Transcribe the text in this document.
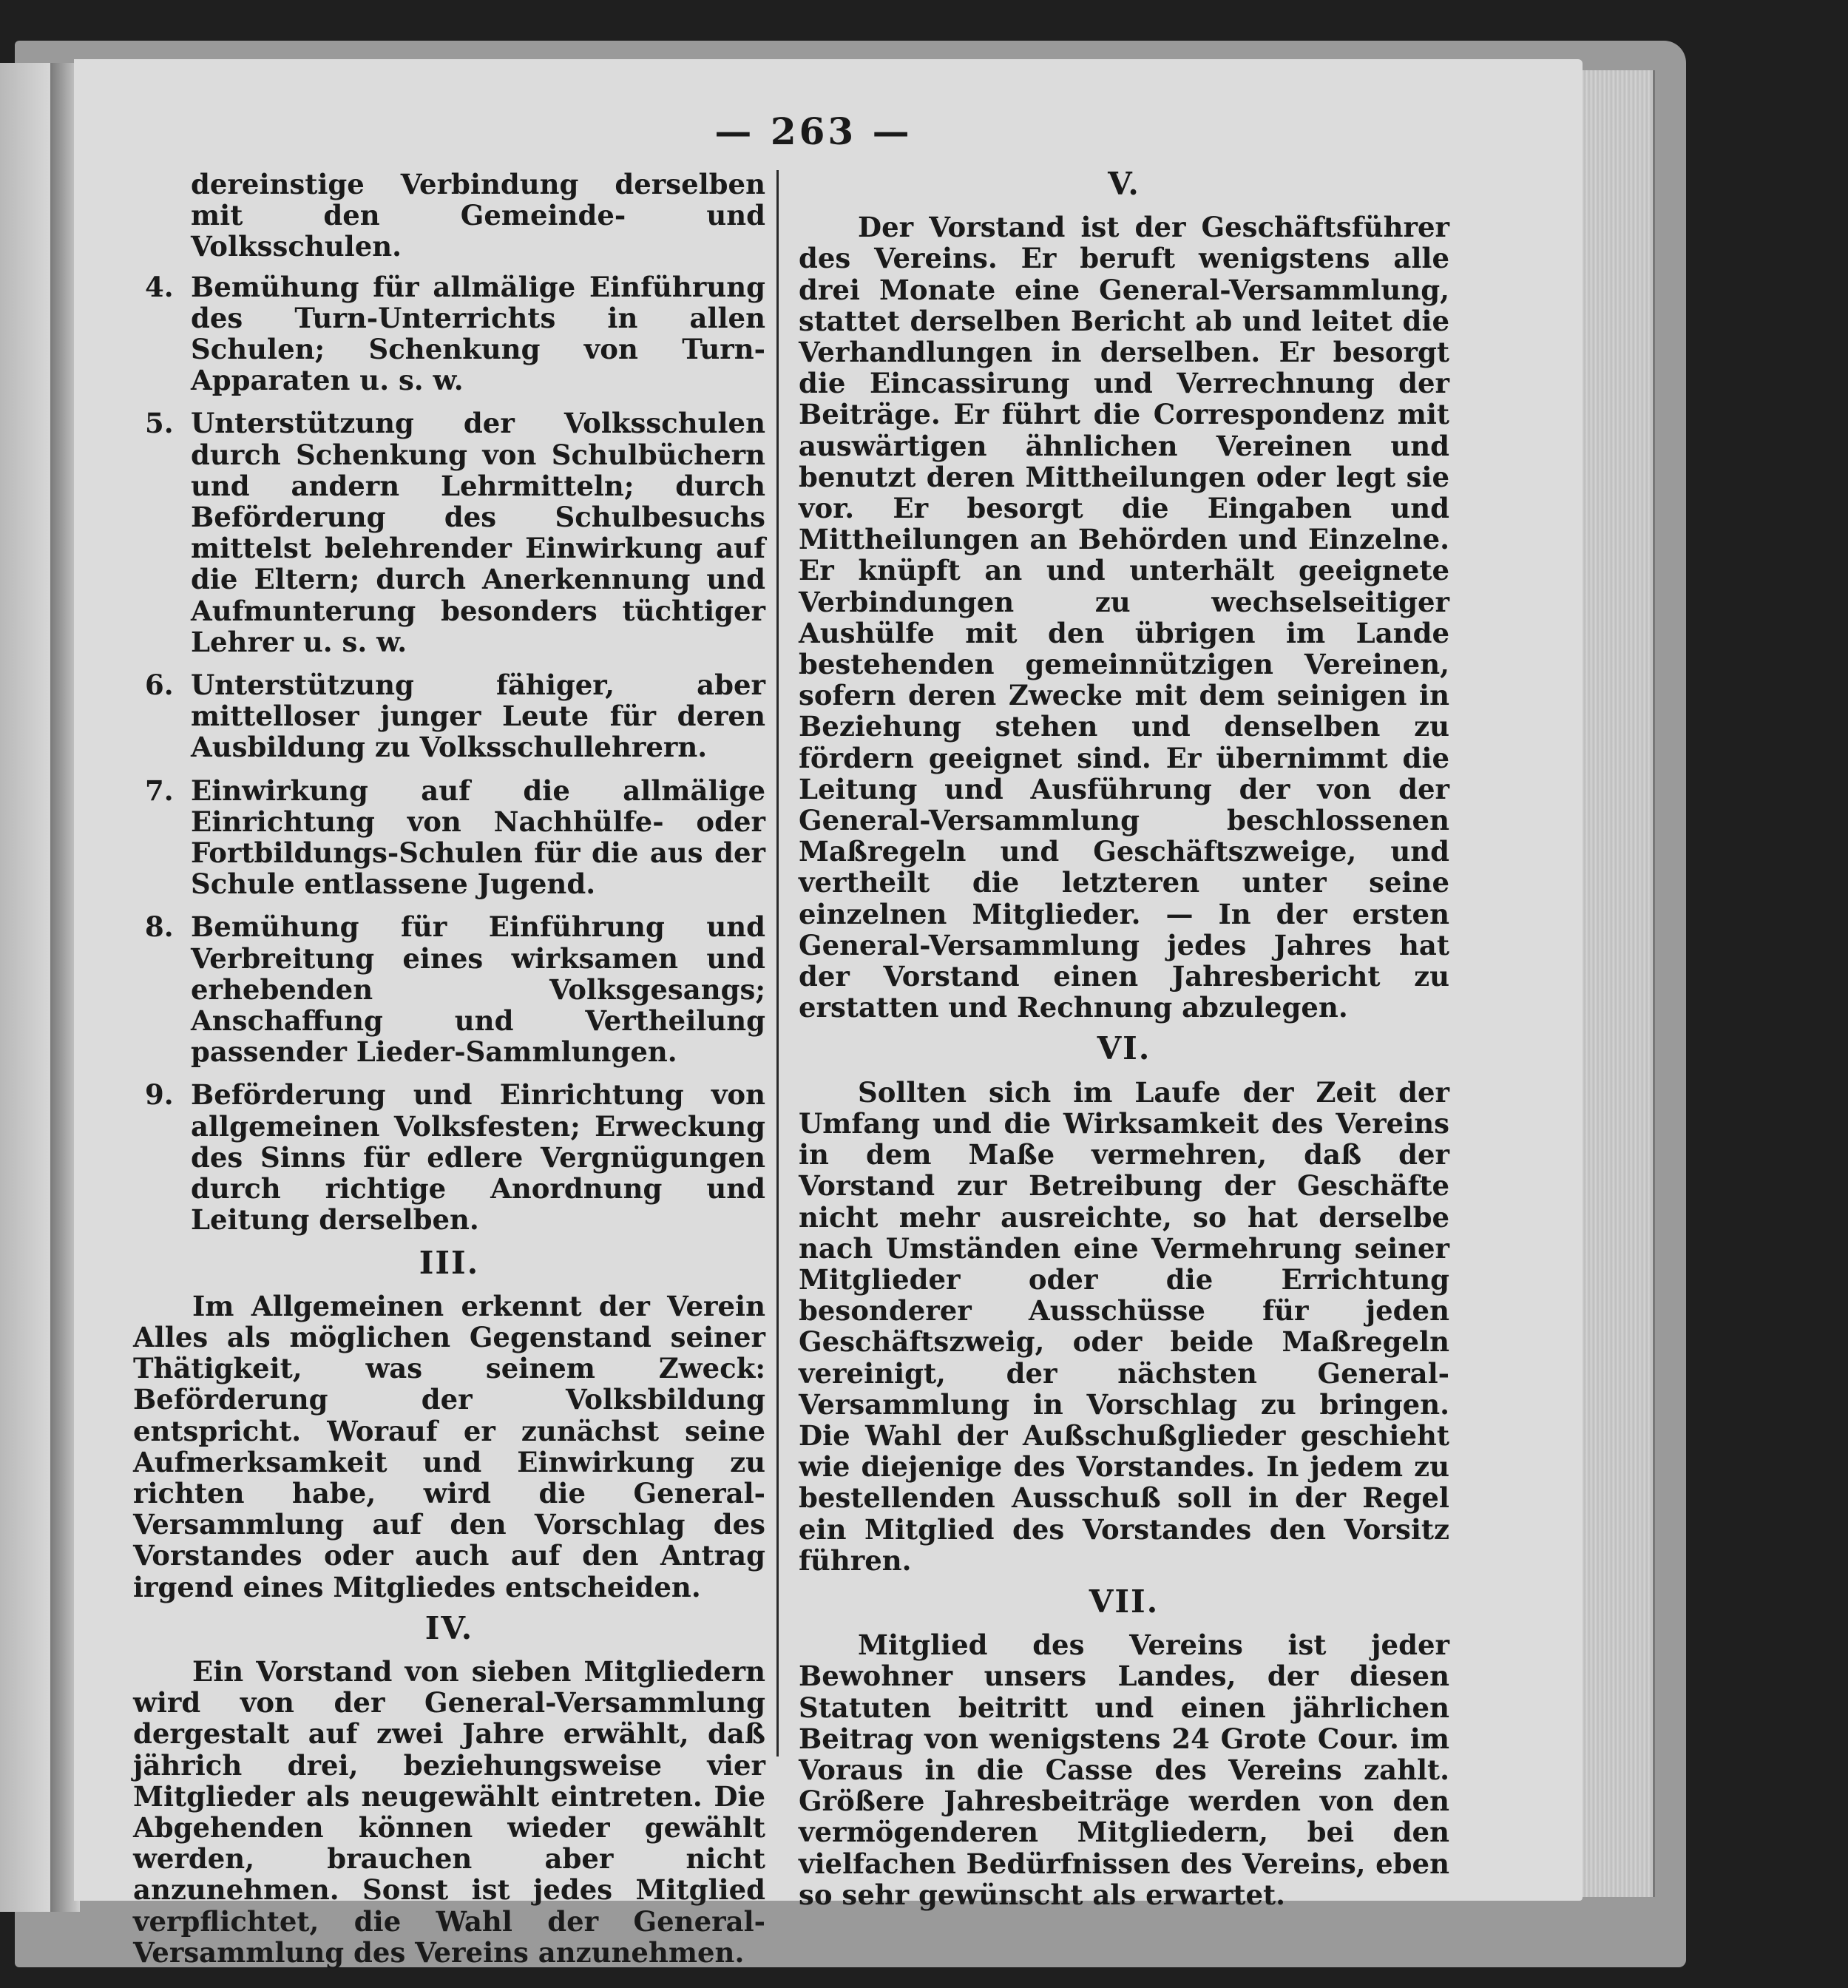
— 263 —
dereinstige Verbindung derselben mit den Gemeinde- und Volksschulen.
4. Bemühung für allmälige Einführung des Turn-Unterrichts in allen Schulen; Schenkung von Turn-Apparaten u. s. w.
5. Unterstützung der Volksschulen durch Schenkung von Schulbüchern und andern Lehrmitteln; durch Beförderung des Schulbesuchs mittelst belehrender Einwirkung auf die Eltern; durch Anerkennung und Aufmunterung besonders tüchtiger Lehrer u. s. w.
6. Unterstützung fähiger, aber mittelloser junger Leute für deren Ausbildung zu Volksschullehrern.
7. Einwirkung auf die allmälige Einrichtung von Nachhülfe- oder Fortbildungs-Schulen für die aus der Schule entlassene Jugend.
8. Bemühung für Einführung und Verbreitung eines wirksamen und erhebenden Volksgesangs; Anschaffung und Vertheilung passender Lieder-Sammlungen.
9. Beförderung und Einrichtung von allgemeinen Volksfesten; Erweckung des Sinns für edlere Vergnügungen durch richtige Anordnung und Leitung derselben.
III.

Im Allgemeinen erkennt der Verein Alles als möglichen Gegenstand seiner Thätigkeit, was seinem Zweck: Beförderung der Volksbildung entspricht. Worauf er zunächst seine Aufmerksamkeit und Einwirkung zu richten habe, wird die General-Versammlung auf den Vorschlag des Vorstandes oder auch auf den Antrag irgend eines Mitgliedes entscheiden.

IV.

Ein Vorstand von sieben Mitgliedern wird von der General-Versammlung dergestalt auf zwei Jahre erwählt, daß jährich drei, beziehungsweise vier Mitglieder als neugewählt eintreten. Die Abgehenden können wieder gewählt werden, brauchen aber nicht anzunehmen. Sonst ist jedes Mitglied verpflichtet, die Wahl der General-Versammlung des Vereins anzunehmen.

V.

Der Vorstand ist der Geschäftsführer des Vereins. Er beruft wenigstens alle drei Monate eine General-Versammlung, stattet derselben Bericht ab und leitet die Verhandlungen in derselben. Er besorgt die Eincassirung und Verrechnung der Beiträge. Er führt die Correspondenz mit auswärtigen ähnlichen Vereinen und benutzt deren Mittheilungen oder legt sie vor. Er besorgt die Eingaben und Mittheilungen an Behörden und Einzelne. Er knüpft an und unterhält geeignete Verbindungen zu wechselseitiger Aushülfe mit den übrigen im Lande bestehenden gemeinnützigen Vereinen, sofern deren Zwecke mit dem seinigen in Beziehung stehen und denselben zu fördern geeignet sind. Er übernimmt die Leitung und Ausführung der von der General-Versammlung beschlossenen Maßregeln und Geschäftszweige, und vertheilt die letzteren unter seine einzelnen Mitglieder. — In der ersten General-Versammlung jedes Jahres hat der Vorstand einen Jahresbericht zu erstatten und Rechnung abzulegen.

VI.

Sollten sich im Laufe der Zeit der Umfang und die Wirksamkeit des Vereins in dem Maße vermehren, daß der Vorstand zur Betreibung der Geschäfte nicht mehr ausreichte, so hat derselbe nach Umständen eine Vermehrung seiner Mitglieder oder die Errichtung besonderer Ausschüsse für jeden Geschäftszweig, oder beide Maßregeln vereinigt, der nächsten General-Versammlung in Vorschlag zu bringen. Die Wahl der Außschußglieder geschieht wie diejenige des Vorstandes. In jedem zu bestellenden Ausschuß soll in der Regel ein Mitglied des Vorstandes den Vorsitz führen.

VII.

Mitglied des Vereins ist jeder Bewohner unsers Landes, der diesen Statuten beitritt und einen jährlichen Beitrag von wenigstens 24 Grote Cour. im Voraus in die Casse des Vereins zahlt. Größere Jahresbeiträge werden von den vermögenderen Mitgliedern, bei den vielfachen Bedürfnissen des Vereins, eben so sehr gewünscht als erwartet.
